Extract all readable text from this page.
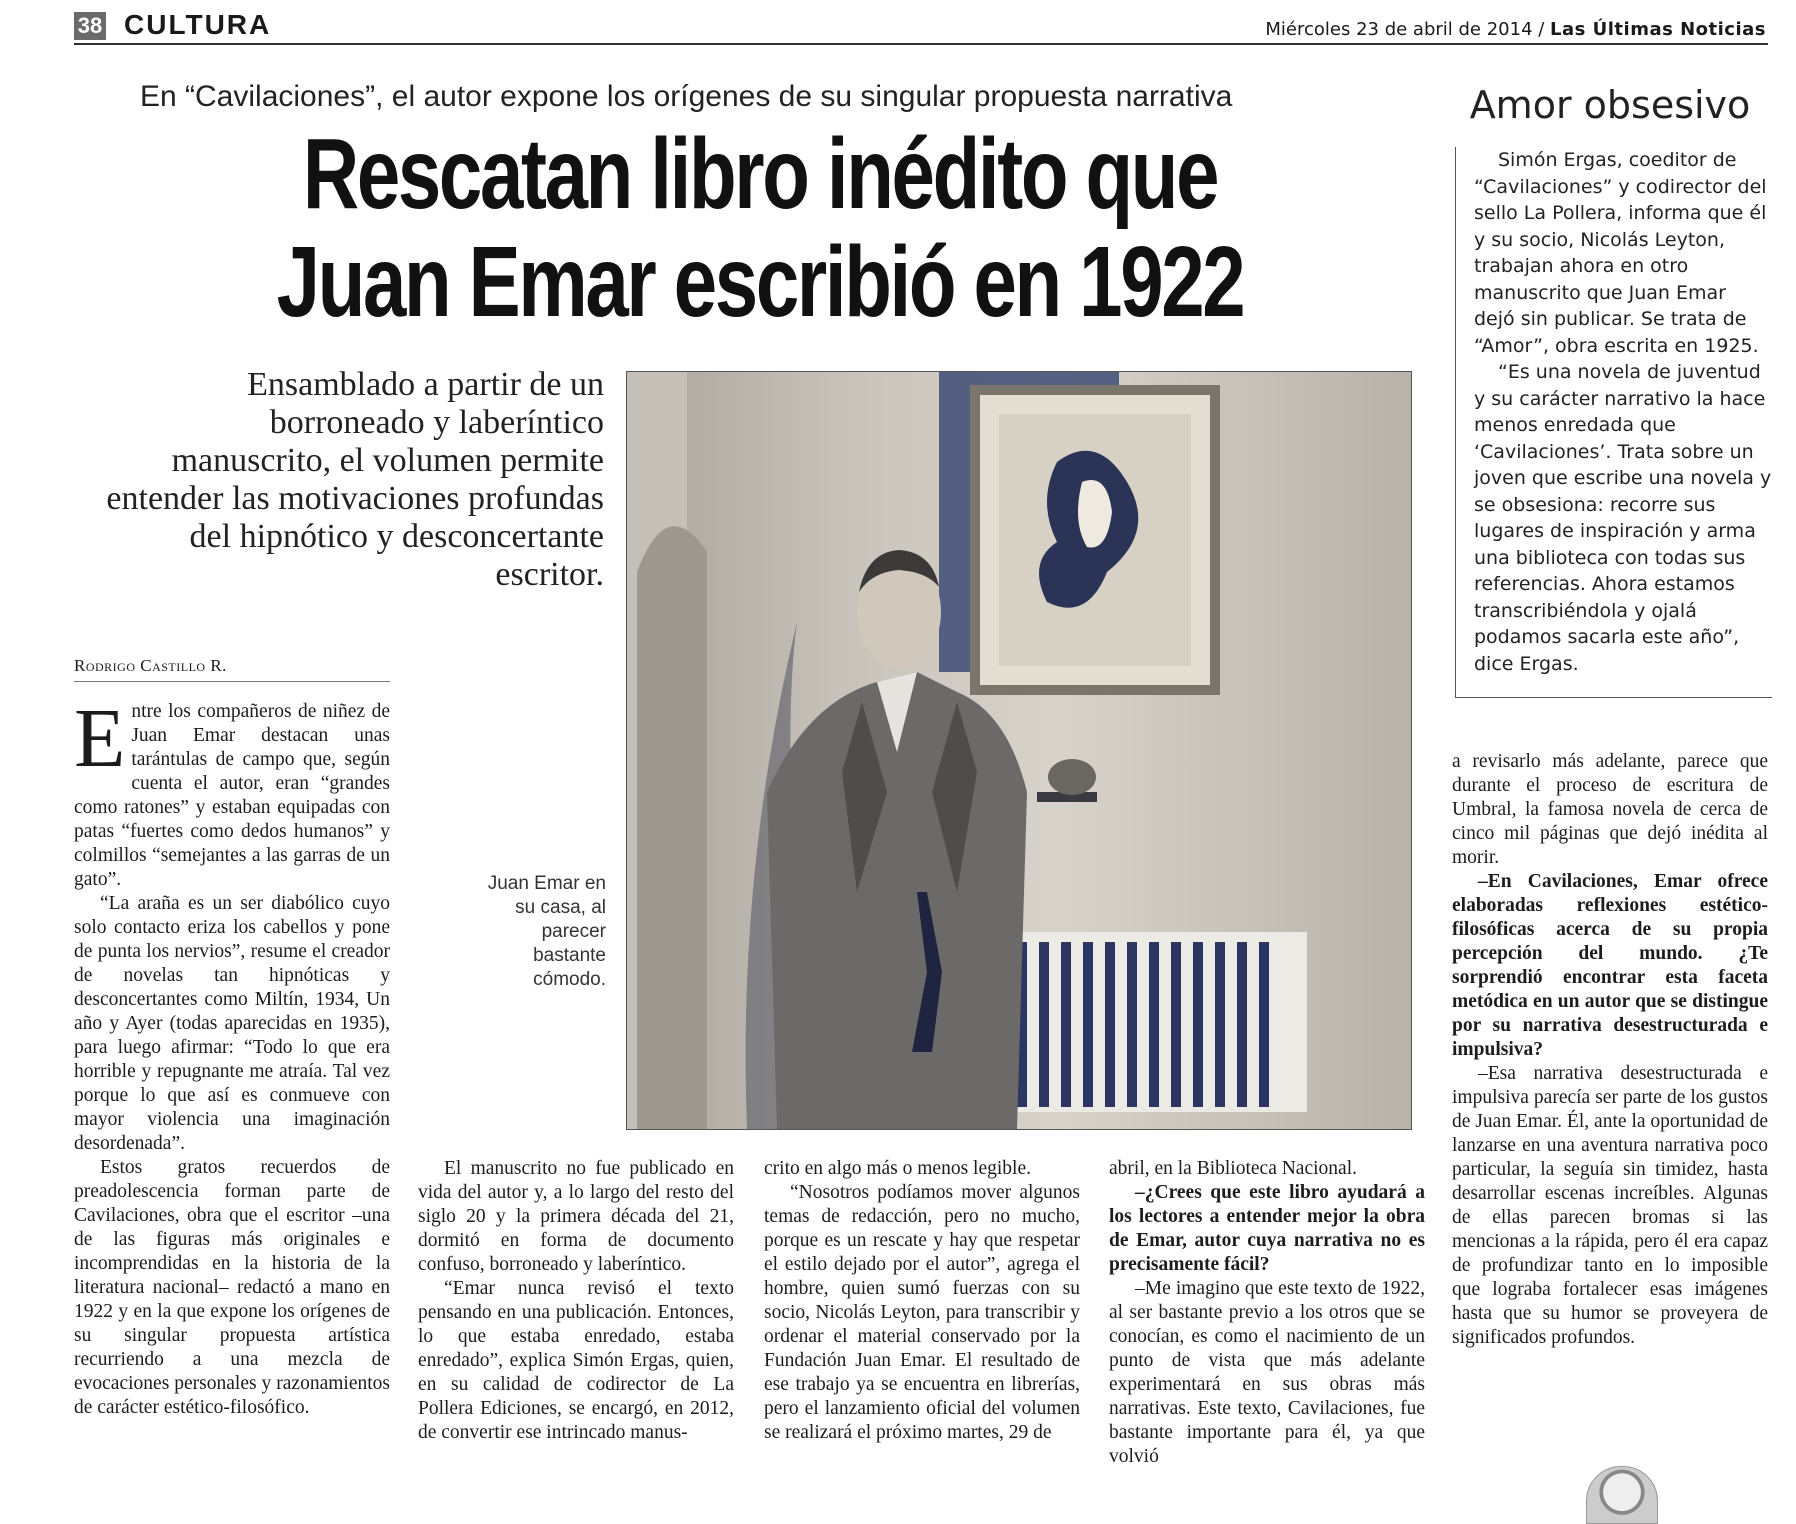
38 CULTURA	Miércoles 23 de abril de 2014 / Las Últimas Noticias
En “Cavilaciones”, el autor expone los orígenes de su singular propuesta narrativa
Rescatan libro inédito que
Juan Emar escribió en 1922
Ensamblado a partir de un borroneado y laberíntico manuscrito, el volumen permite entender las motivaciones profundas del hipnótico y desconcertante escritor.
Rodrigo Castillo R.
Juan Emar en su casa, al parecer bastante cómodo.

Entre los compañeros de niñez de Juan Emar destacan unas tarántulas de campo que, según cuenta el autor, eran “grandes como ratones” y estaban equipadas con patas “fuertes como dedos humanos” y colmillos “semejantes a las garras de un gato”.

“La araña es un ser diabólico cuyo solo contacto eriza los cabellos y pone de punta los nervios”, resume el creador de novelas tan hipnóticas y desconcertantes como Miltín, 1934, Un año y Ayer (todas aparecidas en 1935), para luego afirmar: “Todo lo que era horrible y repugnante me atraía. Tal vez porque lo que así es conmueve con mayor violencia una imaginación desordenada”.

Estos gratos recuerdos de preadolescencia forman parte de Cavilaciones, obra que el escritor –una de las figuras más originales e incomprendidas en la historia de la literatura nacional– redactó a mano en 1922 y en la que expone los orígenes de su singular propuesta artística recurriendo a una mezcla de evocaciones personales y razonamientos de carácter estético-filosófico.

El manuscrito no fue publicado en vida del autor y, a lo largo del resto del siglo 20 y la primera década del 21, dormitó en forma de documento confuso, borroneado y laberíntico.

“Emar nunca revisó el texto pensando en una publicación. Entonces, lo que estaba enredado, estaba enredado”, explica Simón Ergas, quien, en su calidad de codirector de La Pollera Ediciones, se encargó, en 2012, de convertir ese intrincado manus-

crito en algo más o menos legible.

“Nosotros podíamos mover algunos temas de redacción, pero no mucho, porque es un rescate y hay que respetar el estilo dejado por el autor”, agrega el hombre, quien sumó fuerzas con su socio, Nicolás Leyton, para transcribir y ordenar el material conservado por la Fundación Juan Emar. El resultado de ese trabajo ya se encuentra en librerías, pero el lanzamiento oficial del volumen se realizará el próximo martes, 29 de

abril, en la Biblioteca Nacional.

–¿Crees que este libro ayudará a los lectores a entender mejor la obra de Emar, autor cuya narrativa no es precisamente fácil?

–Me imagino que este texto de 1922, al ser bastante previo a los otros que se conocían, es como el nacimiento de un punto de vista que más adelante experimentará en sus obras más narrativas. Este texto, Cavilaciones, fue bastante importante para él, ya que volvió

a revisarlo más adelante, parece que durante el proceso de escritura de Umbral, la famosa novela de cerca de cinco mil páginas que dejó inédita al morir.

–En Cavilaciones, Emar ofrece elaboradas reflexiones estético-filosóficas acerca de su propia percepción del mundo. ¿Te sorprendió encontrar esta faceta metódica en un autor que se distingue por su narrativa desestructurada e impulsiva?

–Esa narrativa desestructurada e impulsiva parecía ser parte de los gustos de Juan Emar. Él, ante la oportunidad de lanzarse en una aventura narrativa poco particular, la seguía sin timidez, hasta desarrollar escenas increíbles. Algunas de ellas parecen bromas si las mencionas a la rápida, pero él era capaz de profundizar tanto en lo imposible que lograba fortalecer esas imágenes hasta que su humor se proveyera de significados profundos.

Amor obsesivo

Simón Ergas, coeditor de “Cavilaciones” y codirector del sello La Pollera, informa que él y su socio, Nicolás Leyton, trabajan ahora en otro manuscrito que Juan Emar dejó sin publicar. Se trata de “Amor”, obra escrita en 1925.

“Es una novela de juventud y su carácter narrativo la hace menos enredada que ‘Cavilaciones’. Trata sobre un joven que escribe una novela y se obsesiona: recorre sus lugares de inspiración y arma una biblioteca con todas sus referencias. Ahora estamos transcribiéndola y ojalá podamos sacarla este año”, dice Ergas.
